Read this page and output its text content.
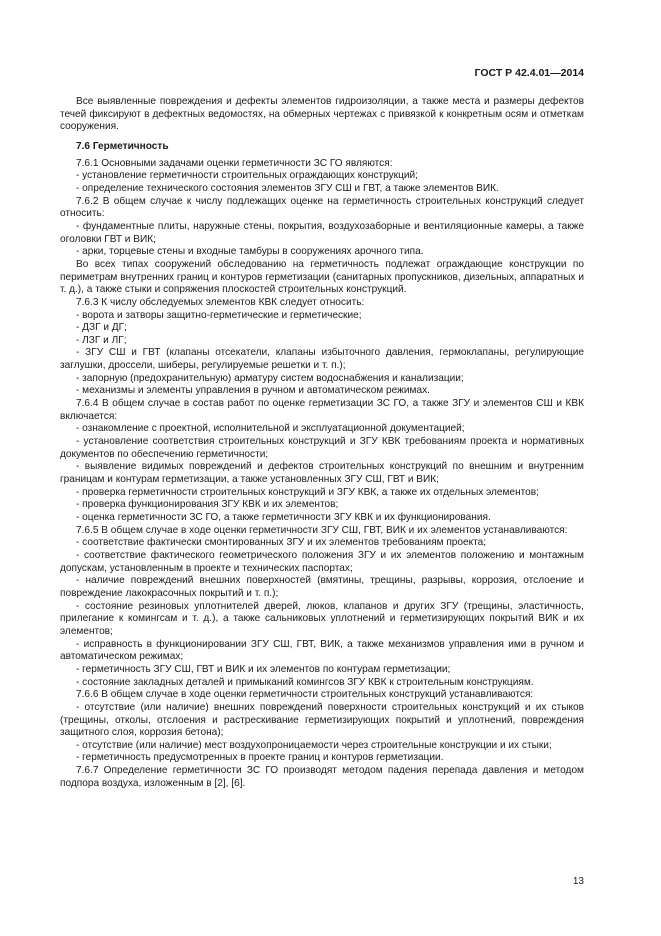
ГОСТ Р 42.4.01—2014

Все выявленные повреждения и дефекты элементов гидроизоляции, а также места и размеры дефектов течей фиксируют в дефектных ведомостях, на обмерных чертежах с привязкой к конкретным осям и отметкам сооружения.

7.6 Герметичность

7.6.1 Основными задачами оценки герметичности ЗС ГО являются:

- установление герметичности строительных ограждающих конструкций;

- определение технического состояния элементов ЗГУ СШ и ГВТ, а также элементов ВИК.

7.6.2 В общем случае к числу подлежащих оценке на герметичность строительных конструкций следует относить:

- фундаментные плиты, наружные стены, покрытия, воздухозаборные и вентиляционные камеры, а также оголовки ГВТ и ВИК;

- арки, торцевые стены и входные тамбуры в сооружениях арочного типа.

Во всех типах сооружений обследованию на герметичность подлежат ограждающие конструкции по периметрам внутренних границ и контуров герметизации (санитарных пропускников, дизельных, аппаратных и т. д.), а также стыки и сопряжения плоскостей строительных конструкций.

7.6.3 К числу обследуемых элементов КВК следует относить:

- ворота и затворы защитно-герметические и герметические;

- ДЗГ и ДГ;

- ЛЗГ и ЛГ;

- ЗГУ СШ и ГВТ (клапаны отсекатели, клапаны избыточного давления, гермоклапаны, регулирующие заглушки, дроссели, шиберы, регулируемые решетки и т. п.);

- запорную (предохранительную) арматуру систем водоснабжения и канализации;

- механизмы и элементы управления в ручном и автоматическом режимах.

7.6.4 В общем случае в состав работ по оценке герметизации ЗС ГО, а также ЗГУ и элементов СШ и КВК включается:

- ознакомление с проектной, исполнительной и эксплуатационной документацией;

- установление соответствия строительных конструкций и ЗГУ КВК требованиям проекта и нормативных документов по обеспечению герметичности;

- выявление видимых повреждений и дефектов строительных конструкций по внешним и внутренним границам и контурам герметизации, а также установленных ЗГУ СШ, ГВТ и ВИК;

- проверка герметичности строительных конструкций и ЗГУ КВК, а также их отдельных элементов;

- проверка функционирования ЗГУ КВК и их элементов;

- оценка герметичности ЗС ГО, а также герметичности ЗГУ КВК и их функционирования.

7.6.5 В общем случае в ходе оценки герметичности ЗГУ СШ, ГВТ, ВИК и их элементов устанавливаются:

- соответствие фактически смонтированных ЗГУ и их элементов требованиям проекта;

- соответствие фактического геометрического положения ЗГУ и их элементов положению и монтажным допускам, установленным в проекте и технических паспортах;

- наличие повреждений внешних поверхностей (вмятины, трещины, разрывы, коррозия, отслоение и повреждение лакокрасочных покрытий и т. п.);

- состояние резиновых уплотнителей дверей, люков, клапанов и других ЗГУ (трещины, эластичность, прилегание к комингсам и т. д.), а также сальниковых уплотнений и герметизирующих покрытий ВИК и их элементов;

- исправность в функционировании ЗГУ СШ, ГВТ, ВИК, а также механизмов управления ими в ручном и автоматическом режимах;

- герметичность ЗГУ СШ, ГВТ и ВИК и их элементов по контурам герметизации;

- состояние закладных деталей и примыканий комингсов ЗГУ КВК к строительным конструкциям.

7.6.6 В общем случае в ходе оценки герметичности строительных конструкций устанавливаются:

- отсутствие (или наличие) внешних повреждений поверхности строительных конструкций и их стыков (трещины, отколы, отслоения и растрескивание герметизирующих покрытий и уплотнений, повреждения защитного слоя, коррозия бетона);

- отсутствие (или наличие) мест воздухопроницаемости через строительные конструкции и их стыки;

- герметичность предусмотренных в проекте границ и контуров герметизации.

7.6.7 Определение герметичности ЗС ГО производят методом падения перепада давления и методом подпора воздуха, изложенным в [2], [6].

13
